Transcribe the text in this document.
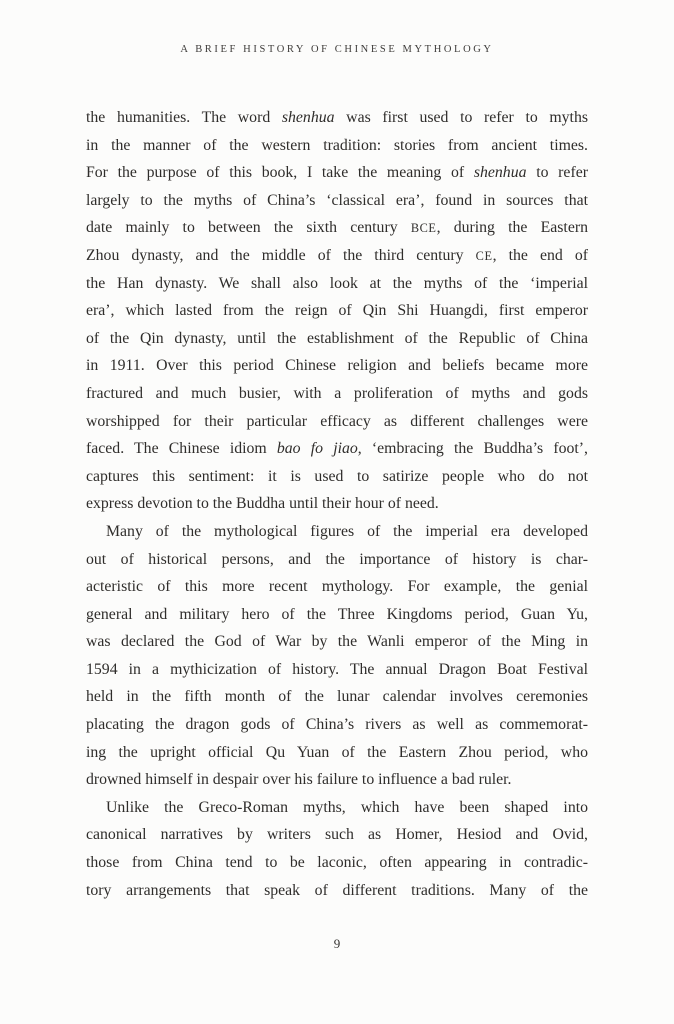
A BRIEF HISTORY OF CHINESE MYTHOLOGY
the humanities. The word shenhua was first used to refer to myths
in the manner of the western tradition: stories from ancient times.
For the purpose of this book, I take the meaning of shenhua to refer
largely to the myths of China’s ‘classical era’, found in sources that
date mainly to between the sixth century BCE, during the Eastern
Zhou dynasty, and the middle of the third century CE, the end of
the Han dynasty. We shall also look at the myths of the ‘imperial
era’, which lasted from the reign of Qin Shi Huangdi, first emperor
of the Qin dynasty, until the establishment of the Republic of China
in 1911. Over this period Chinese religion and beliefs became more
fractured and much busier, with a proliferation of myths and gods
worshipped for their particular efficacy as different challenges were
faced. The Chinese idiom bao fo jiao, ‘embracing the Buddha’s foot’,
captures this sentiment: it is used to satirize people who do not
express devotion to the Buddha until their hour of need.
Many of the mythological figures of the imperial era developed
out of historical persons, and the importance of history is char-
acteristic of this more recent mythology. For example, the genial
general and military hero of the Three Kingdoms period, Guan Yu,
was declared the God of War by the Wanli emperor of the Ming in
1594 in a mythicization of history. The annual Dragon Boat Festival
held in the fifth month of the lunar calendar involves ceremonies
placating the dragon gods of China’s rivers as well as commemorat-
ing the upright official Qu Yuan of the Eastern Zhou period, who
drowned himself in despair over his failure to influence a bad ruler.
Unlike the Greco-Roman myths, which have been shaped into
canonical narratives by writers such as Homer, Hesiod and Ovid,
those from China tend to be laconic, often appearing in contradic-
tory arrangements that speak of different traditions. Many of the
9
